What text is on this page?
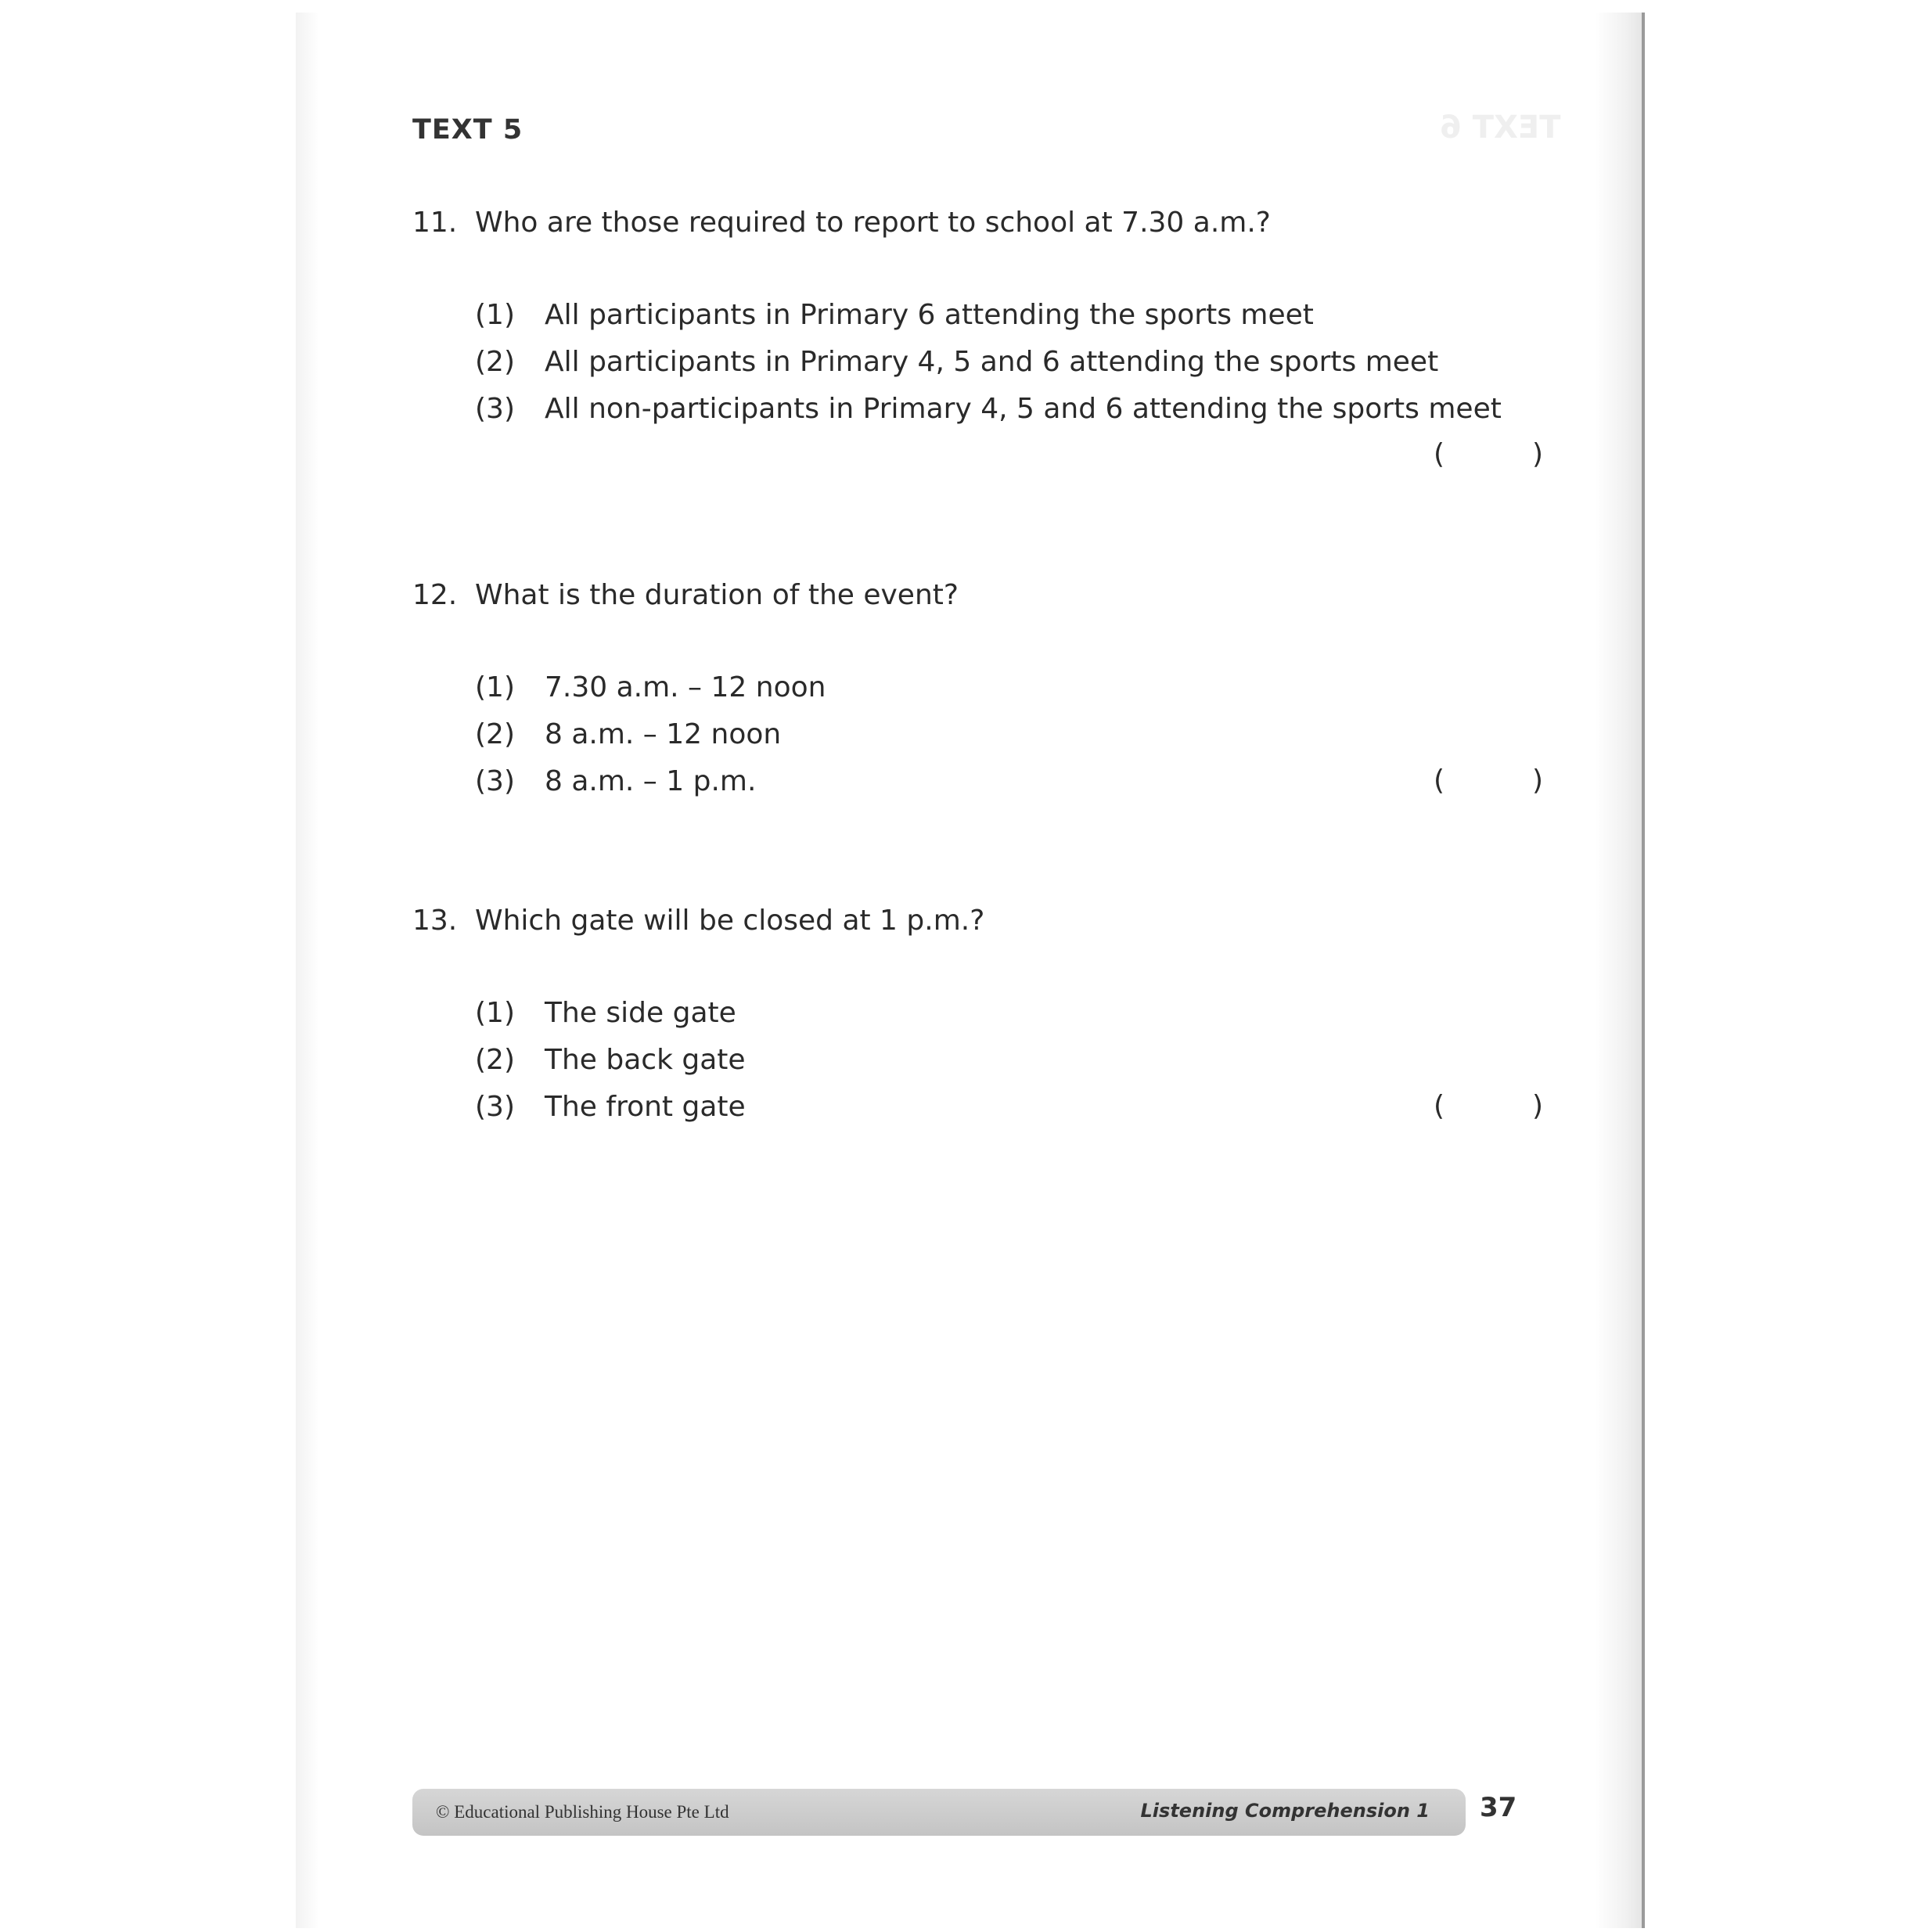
TEXT 6
TEXT 5
11. Who are those required to report to school at 7.30 a.m.?
(1) All participants in Primary 6 attending the sports meet
(2) All participants in Primary 4, 5 and 6 attending the sports meet
(3) All non-participants in Primary 4, 5 and 6 attending the sports meet
(	)
12. What is the duration of the event?
(1) 7.30 a.m. – 12 noon
(2) 8 a.m. – 12 noon
(3) 8 a.m. – 1 p.m.	(	)
13. Which gate will be closed at 1 p.m.?
(1) The side gate
(2) The back gate
(3) The front gate	(	)
© Educational Publishing House Pte Ltd	Listening Comprehension 1 37
